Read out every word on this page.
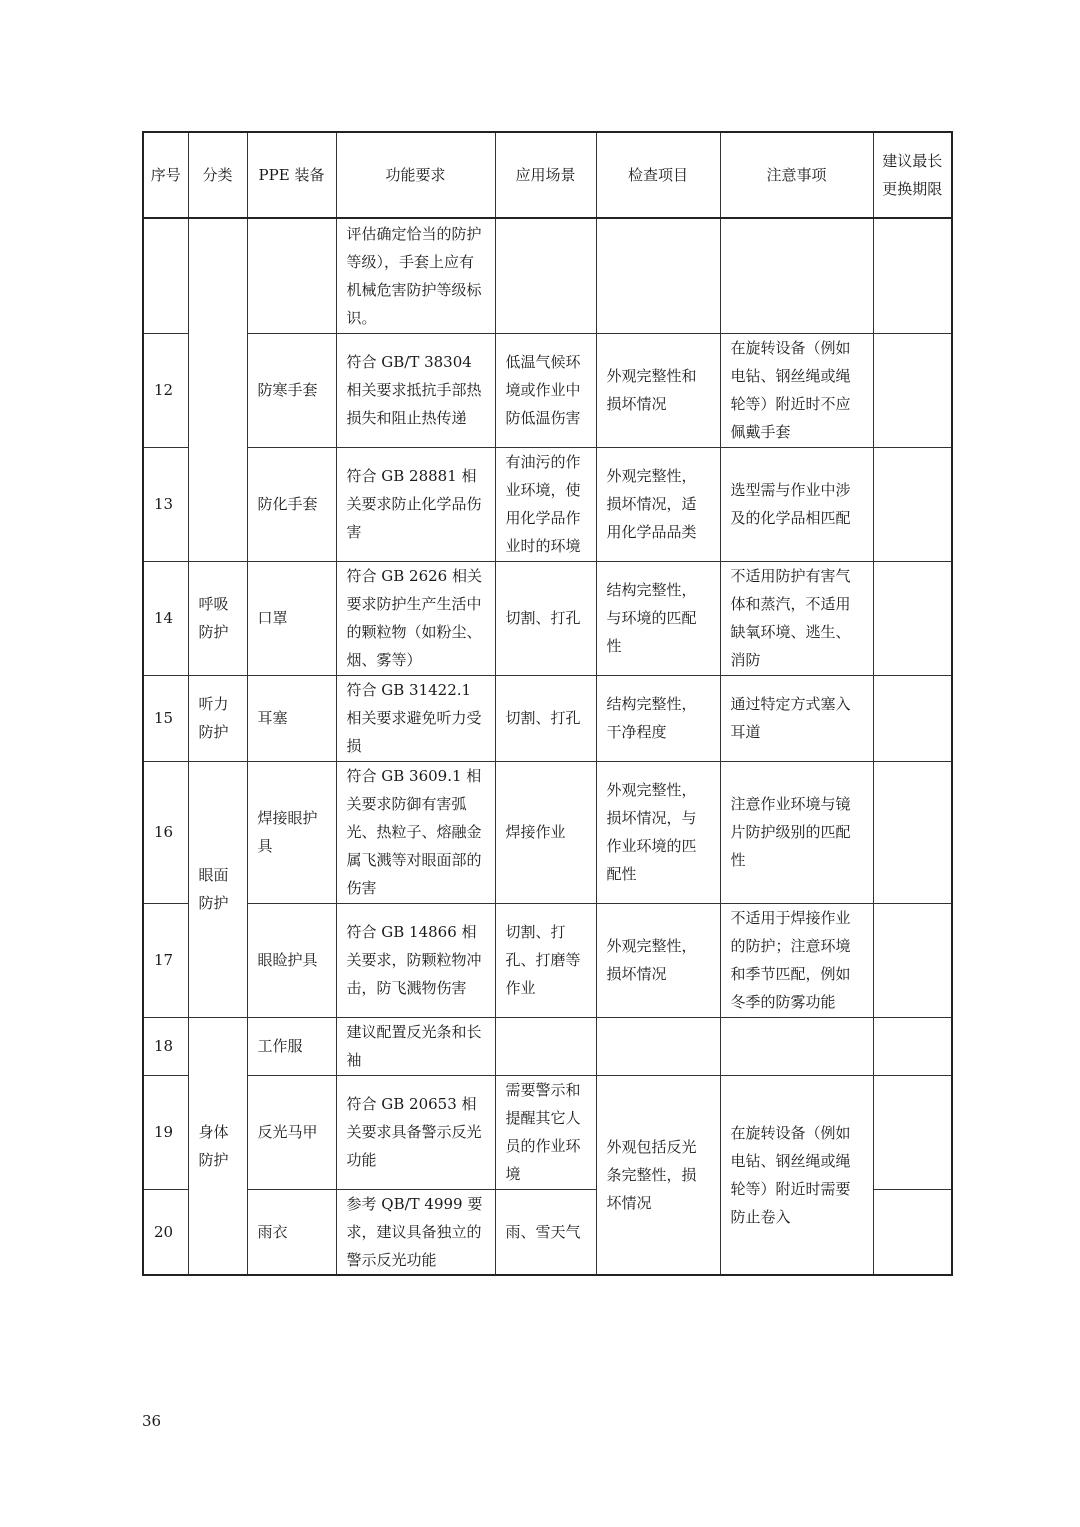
序号	分类	PPE 装备	功能要求	应用场景	检查项目	注意事项	建议最长更换期限
			评估确定恰当的防护等级），手套上应有机械危害防护等级标识。				
12		防寒手套	符合 GB/T 38304 相关要求抵抗手部热损失和阻止热传递	低温气候环境或作业中防低温伤害	外观完整性和损坏情况	在旋转设备（例如电钻、钢丝绳或绳轮等）附近时不应佩戴手套	
13		防化手套	符合 GB 28881 相关要求防止化学品伤害	有油污的作业环境，使用化学品作业时的环境	外观完整性，损坏情况，适用化学品品类	选型需与作业中涉及的化学品相匹配	
14	呼吸防护	口罩	符合 GB 2626 相关要求防护生产生活中的颗粒物（如粉尘、烟、雾等）	切割、打孔	结构完整性，与环境的匹配性	不适用防护有害气体和蒸汽，不适用缺氧环境、逃生、消防	
15	听力防护	耳塞	符合 GB 31422.1 相关要求避免听力受损	切割、打孔	结构完整性，干净程度	通过特定方式塞入耳道	
16	眼面防护	焊接眼护具	符合 GB 3609.1 相关要求防御有害弧光、热粒子、熔融金属飞溅等对眼面部的伤害	焊接作业	外观完整性，损坏情况，与作业环境的匹配性	注意作业环境与镜片防护级别的匹配性	
17		眼睑护具	符合 GB 14866 相关要求，防颗粒物冲击，防飞溅物伤害	切割、打孔、打磨等作业	外观完整性，损坏情况	不适用于焊接作业的防护；注意环境和季节匹配，例如冬季的防雾功能	
18	身体防护	工作服	建议配置反光条和长袖				
19		反光马甲	符合 GB 20653 相关要求具备警示反光功能	需要警示和提醒其它人员的作业环境	外观包括反光条完整性，损坏情况	在旋转设备（例如电钻、钢丝绳或绳轮等）附近时需要防止卷入	
20		雨衣	参考 QB/T 4999 要求，建议具备独立的警示反光功能	雨、雪天气			
36
